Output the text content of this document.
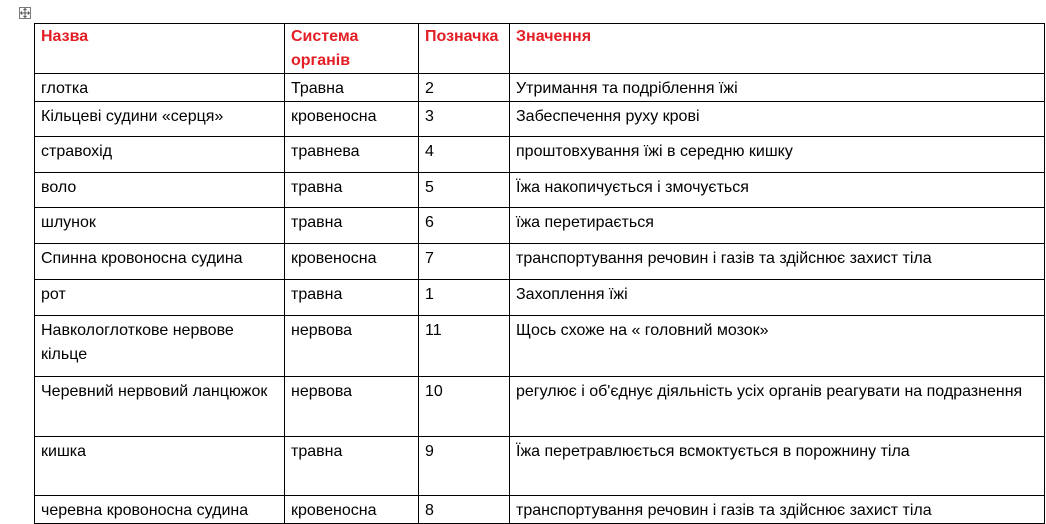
Назва	Система органів	Позначка	Значення
глотка	Травна	2	Утримання та подрiблення їжi
Кільцеві судини «серця»	кровеносна	3	Забеспечення руху крові
стравохід	травнева	4	проштовхування їжі в середню кишку
воло	травна	5	Їжа накопичується і змочується
шлунок	травна	6	їжа перетирається
Спинна кровоносна судина	кровеносна	7	транспортування речовин і газів та здійснює захист тіла
рот	травна	1	Захоплення їжі
Навкологлоткове нервове кільце	нервова	11	Щось схоже на « головний мозок»
Черевний нервовий ланцюжок	нервова	10	регулює і об'єднує діяльність усіх органів реагувати на подразнення
кишка	травна	9	Їжа перетравлюється всмоктується в порожнину тіла
черевна кровоносна судина	кровеносна	8	транспортування речовин і газів та здійснює захист тіла
